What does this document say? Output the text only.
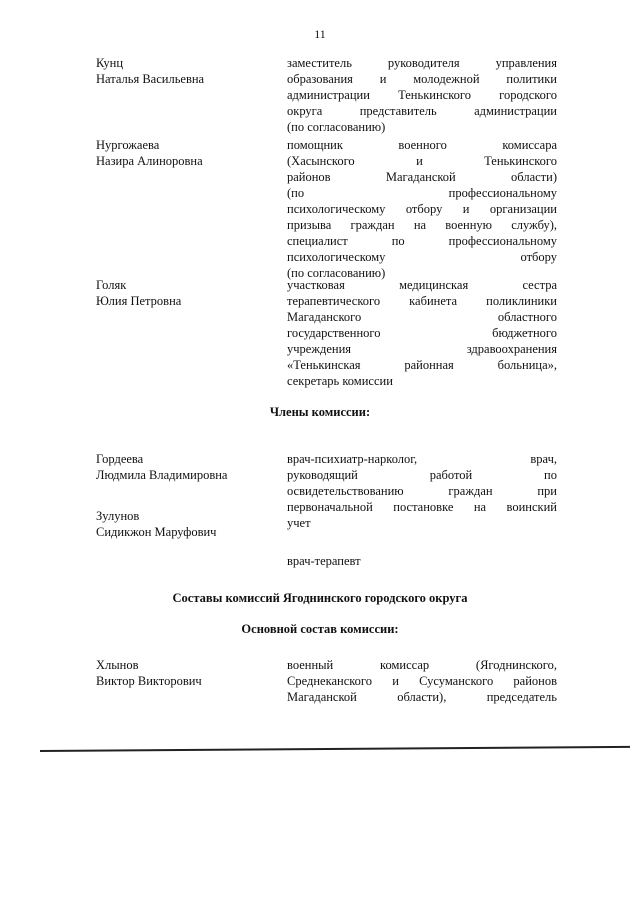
11
Кунц
Наталья Васильевна
заместитель руководителя управления
образования и молодежной политики
администрации Тенькинского городского
округа представитель администрации
(по согласованию)
Нургожаева
Назира Алиноровна
помощник военного комиссара
(Хасынского и Тенькинского
районов Магаданской области)
(по профессиональному
психологическому отбору и организации
призыва граждан на военную службу),
специалист по профессиональному
психологическому отбору
(по согласованию)
Голяк
Юлия Петровна
участковая медицинская сестра
терапевтического кабинета поликлиники
Магаданского областного
государственного бюджетного
учреждения здравоохранения
«Тенькинская районная больница»,
секретарь комиссии
Члены комиссии:
Гордеева
Людмила Владимировна
врач-психиатр-нарколог, врач,
руководящий работой по
освидетельствованию граждан при
первоначальной постановке на воинский
учет
Зулунов
Сидикжон Маруфович
врач-терапевт
Составы комиссий Ягоднинского городского округа
Основной состав комиссии:
Хлынов
Виктор Викторович
военный комиссар (Ягоднинского,
Среднеканского и Сусуманского районов
Магаданской области), председатель
